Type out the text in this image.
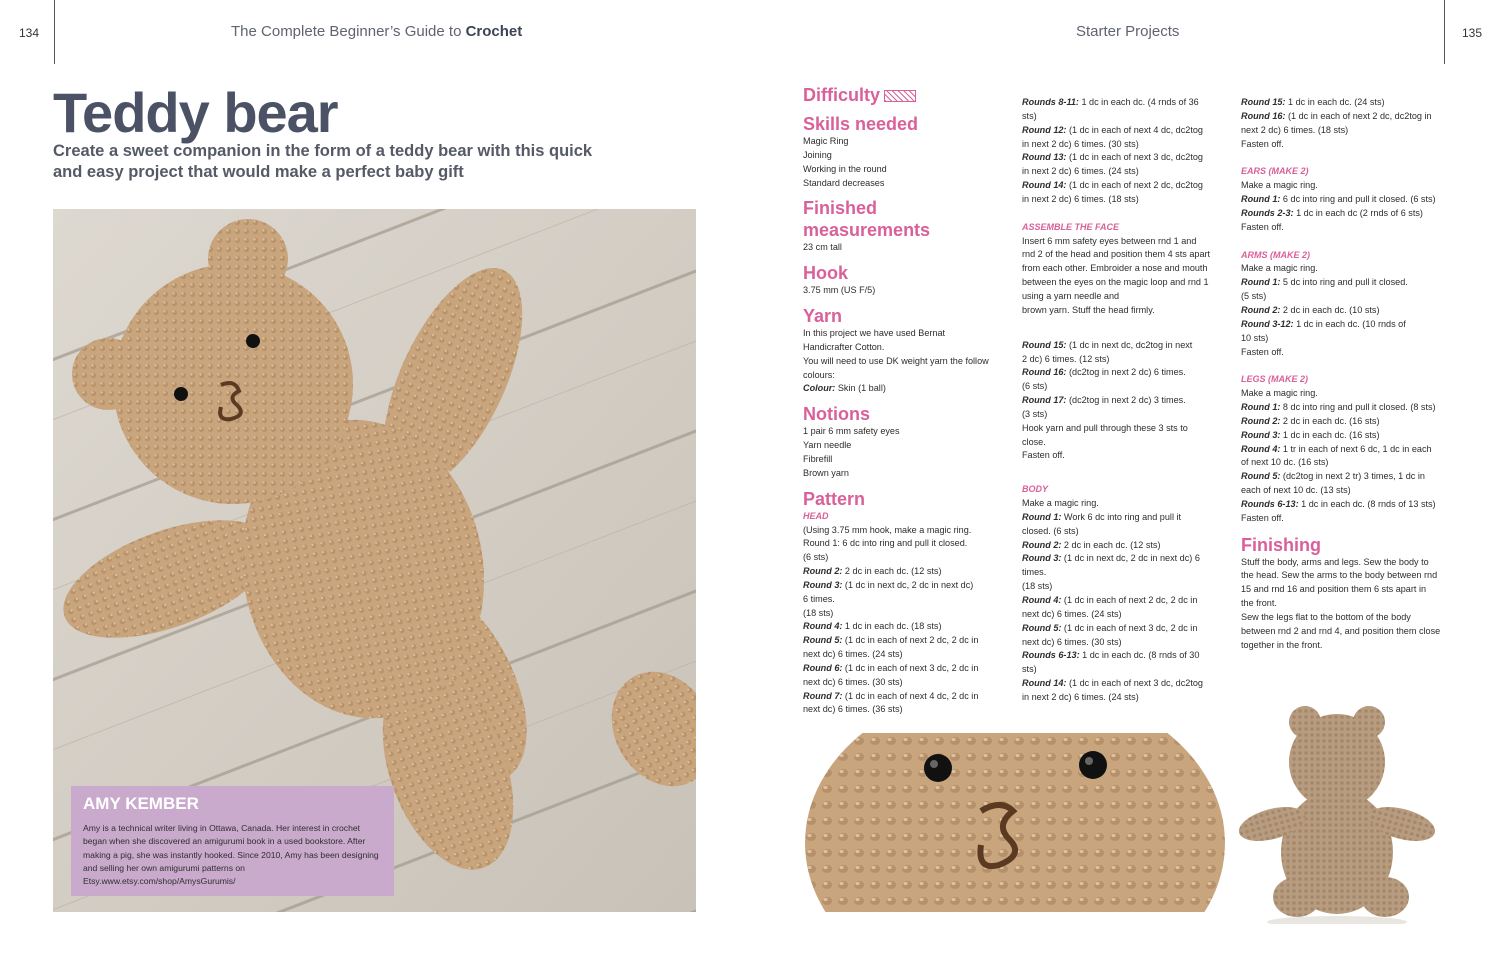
134	The Complete Beginner’s Guide to Crochet	Starter Projects	135
Teddy bear
Create a sweet companion in the form of a teddy bear with this quick and easy project that would make a perfect baby gift
AMY KEMBER
Amy is a technical writer living in Ottawa, Canada. Her interest in crochet began when she discovered an amigurumi book in a used bookstore. After making a pig, she was instantly hooked. Since 2010, Amy has been designing and selling her own amigurumi patterns on Etsy.www.etsy.com/shop/AmysGurumis/
Difficulty
Skills needed
Magic Ring
Joining
Working in the round
Standard decreases
Finished measurements
23 cm tall
Hook
3.75 mm (US F/5)
Yarn
In this project we have used Bernat
Handicrafter Cotton.
You will need to use DK weight yarn the follow
colours:
Colour: Skin (1 ball)
Notions
1 pair 6 mm safety eyes
Yarn needle
Fibrefill
Brown yarn
Pattern
HEAD
(Using 3.75 mm hook, make a magic ring.
Round 1: 6 dc into ring and pull it closed.
(6 sts)
Round 2: 2 dc in each dc. (12 sts)
Round 3: (1 dc in next dc, 2 dc in next dc)
6 times.
(18 sts)
Round 4: 1 dc in each dc. (18 sts)
Round 5: (1 dc in each of next 2 dc, 2 dc in
next dc) 6 times. (24 sts)
Round 6: (1 dc in each of next 3 dc, 2 dc in
next dc) 6 times. (30 sts)
Round 7: (1 dc in each of next 4 dc, 2 dc in
next dc) 6 times. (36 sts)
Rounds 8-11: 1 dc in each dc. (4 rnds of 36
sts)
Round 12: (1 dc in each of next 4 dc, dc2tog
in next 2 dc) 6 times. (30 sts)
Round 13: (1 dc in each of next 3 dc, dc2tog
in next 2 dc) 6 times. (24 sts)
Round 14: (1 dc in each of next 2 dc, dc2tog
in next 2 dc) 6 times. (18 sts)
ASSEMBLE THE FACE
Insert 6 mm safety eyes between rnd 1 and
rnd 2 of the head and position them 4 sts apart
from each other. Embroider a nose and mouth
between the eyes on the magic loop and rnd 1
using a yarn needle and
brown yarn. Stuff the head firmly.
Round 15: (1 dc in next dc, dc2tog in next
2 dc) 6 times. (12 sts)
Round 16: (dc2tog in next 2 dc) 6 times.
(6 sts)
Round 17: (dc2tog in next 2 dc) 3 times.
(3 sts)
Hook yarn and pull through these 3 sts to
close.
Fasten off.
BODY
Make a magic ring.
Round 1: Work 6 dc into ring and pull it
closed. (6 sts)
Round 2: 2 dc in each dc. (12 sts)
Round 3: (1 dc in next dc, 2 dc in next dc) 6
times.
(18 sts)
Round 4: (1 dc in each of next 2 dc, 2 dc in
next dc) 6 times. (24 sts)
Round 5: (1 dc in each of next 3 dc, 2 dc in
next dc) 6 times. (30 sts)
Rounds 6-13: 1 dc in each dc. (8 rnds of 30
sts)
Round 14: (1 dc in each of next 3 dc, dc2tog
in next 2 dc) 6 times. (24 sts)
Round 15: 1 dc in each dc. (24 sts)
Round 16: (1 dc in each of next 2 dc, dc2tog in
next 2 dc) 6 times. (18 sts)
Fasten off.
EARS (MAKE 2)
Make a magic ring.
Round 1: 6 dc into ring and pull it closed. (6 sts)
Rounds 2-3: 1 dc in each dc (2 rnds of 6 sts)
Fasten off.
ARMS (MAKE 2)
Make a magic ring.
Round 1: 5 dc into ring and pull it closed.
(5 sts)
Round 2: 2 dc in each dc. (10 sts)
Round 3-12: 1 dc in each dc. (10 rnds of
10 sts)
Fasten off.
LEGS (MAKE 2)
Make a magic ring.
Round 1: 8 dc into ring and pull it closed. (8 sts)
Round 2: 2 dc in each dc. (16 sts)
Round 3: 1 dc in each dc. (16 sts)
Round 4: 1 tr in each of next 6 dc, 1 dc in each
of next 10 dc. (16 sts)
Round 5: (dc2tog in next 2 tr) 3 times, 1 dc in
each of next 10 dc. (13 sts)
Rounds 6-13: 1 dc in each dc. (8 rnds of 13 sts)
Fasten off.
Finishing
Stuff the body, arms and legs. Sew the body to
the head. Sew the arms to the body between rnd
15 and rnd 16 and position them 6 sts apart in
the front.
Sew the legs flat to the bottom of the body
between rnd 2 and rnd 4, and position them close
together in the front.
